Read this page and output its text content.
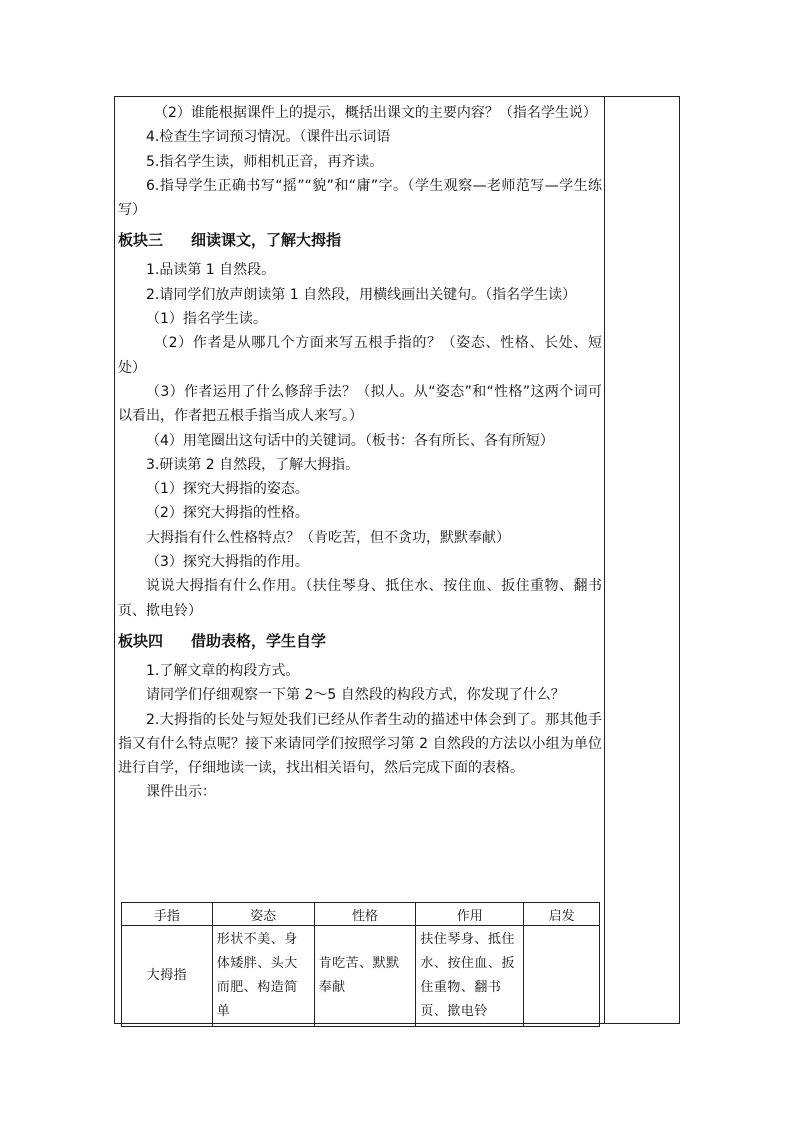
（2）谁能根据课件上的提示，概括出课文的主要内容？（指名学生说）

4.检查生字词预习情况。（课件出示词语

5.指名学生读，师相机正音，再齐读。

6.指导学生正确书写“摇”“貌”和“庸”字。（学生观察—老师范写—学生练写）

板块三 细读课文，了解大拇指

1.品读第 1 自然段。

2.请同学们放声朗读第 1 自然段，用横线画出关键句。（指名学生读）

（1）指名学生读。

（2）作者是从哪几个方面来写五根手指的？（姿态、性格、长处、短处）

（3）作者运用了什么修辞手法？（拟人。从“姿态”和“性格”这两个词可以看出，作者把五根手指当成人来写。）

（4）用笔圈出这句话中的关键词。（板书：各有所长、各有所短）

3.研读第 2 自然段，了解大拇指。

（1）探究大拇指的姿态。

（2）探究大拇指的性格。

大拇指有什么性格特点？（肯吃苦，但不贪功，默默奉献）

（3）探究大拇指的作用。

说说大拇指有什么作用。（扶住琴身、抵住水、按住血、扳住重物、翻书页、揿电铃）

板块四 借助表格，学生自学

1.了解文章的构段方式。

请同学们仔细观察一下第 2～5 自然段的构段方式，你发现了什么？

2.大拇指的长处与短处我们已经从作者生动的描述中体会到了。那其他手指又有什么特点呢？接下来请同学们按照学习第 2 自然段的方法以小组为单位进行自学，仔细地读一读，找出相关语句，然后完成下面的表格。

课件出示：

手指	姿态	性格	作用	启发

大拇指	形状不美、身体矮胖、头大而肥、构造简单	肯吃苦、默默奉献	扶住琴身、抵住水、按住血、扳住重物、翻书页、揿电铃	
